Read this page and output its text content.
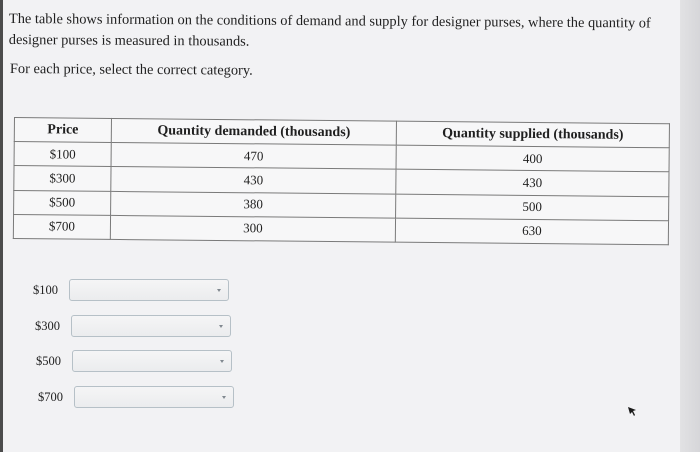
The table shows information on the conditions of demand and supply for designer purses, where the quantity of designer purses is measured in thousands.
For each price, select the correct category.
Price	Quantity demanded (thousands)	Quantity supplied (thousands)
$100	470	400
$300	430	430
$500	380	500
$700	300	630
$100
$300
$500
$700
